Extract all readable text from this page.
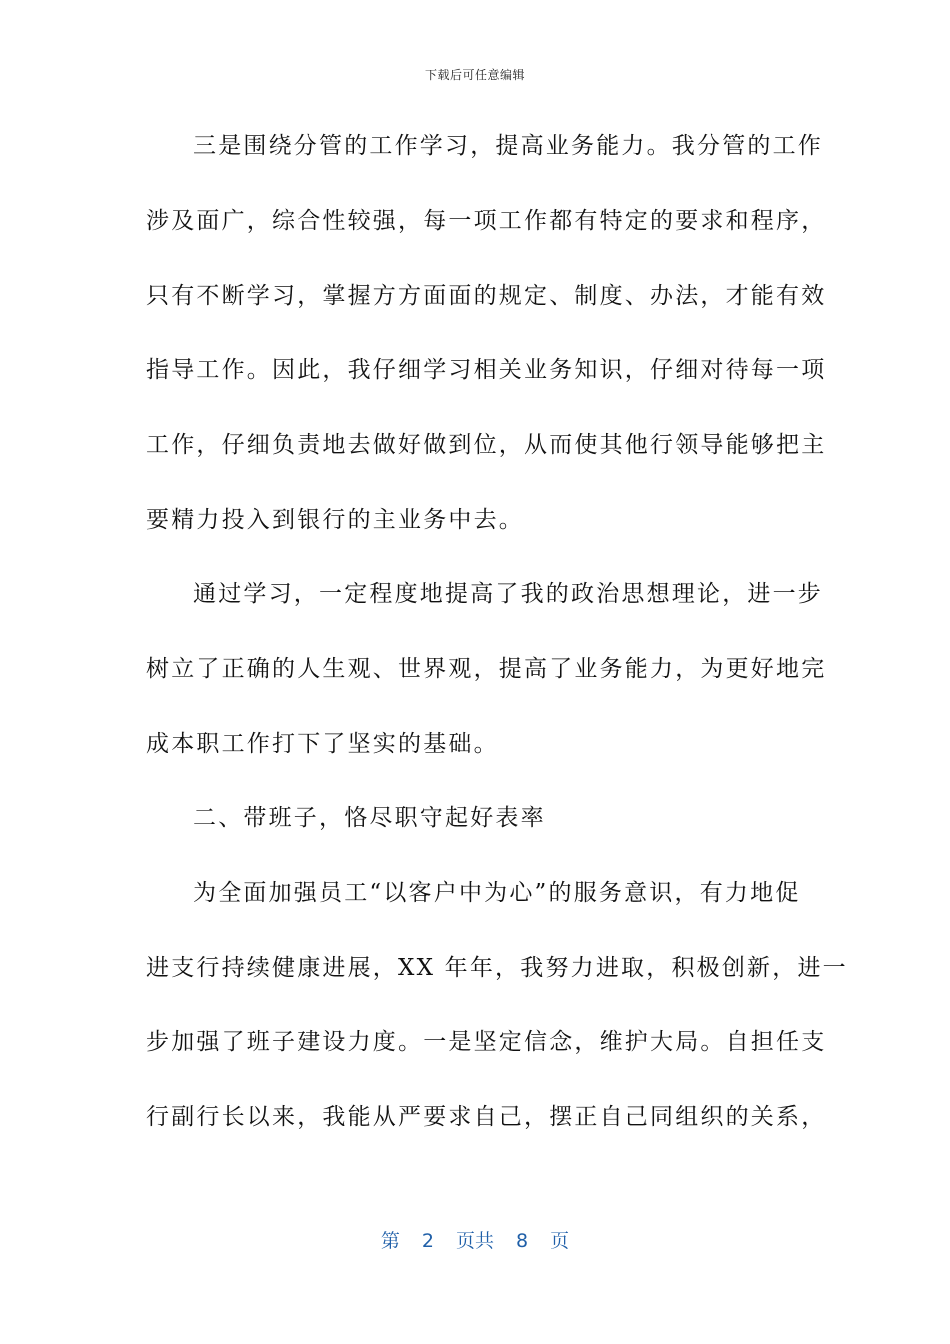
下载后可任意编辑
三是围绕分管的工作学习，提高业务能力。我分管的工作
涉及面广，综合性较强，每一项工作都有特定的要求和程序，
只有不断学习，掌握方方面面的规定、制度、办法，才能有效
指导工作。因此，我仔细学习相关业务知识，仔细对待每一项
工作，仔细负责地去做好做到位，从而使其他行领导能够把主
要精力投入到银行的主业务中去。
通过学习，一定程度地提高了我的政治思想理论，进一步
树立了正确的人生观、世界观，提高了业务能力，为更好地完
成本职工作打下了坚实的基础。
二、带班子，恪尽职守起好表率
为全面加强员工“以客户中为心”的服务意识，有力地促
进支行持续健康进展，XX 年年，我努力进取，积极创新，进一
步加强了班子建设力度。一是坚定信念，维护大局。自担任支
行副行长以来，我能从严要求自己，摆正自己同组织的关系，
第 2 页共 8 页
